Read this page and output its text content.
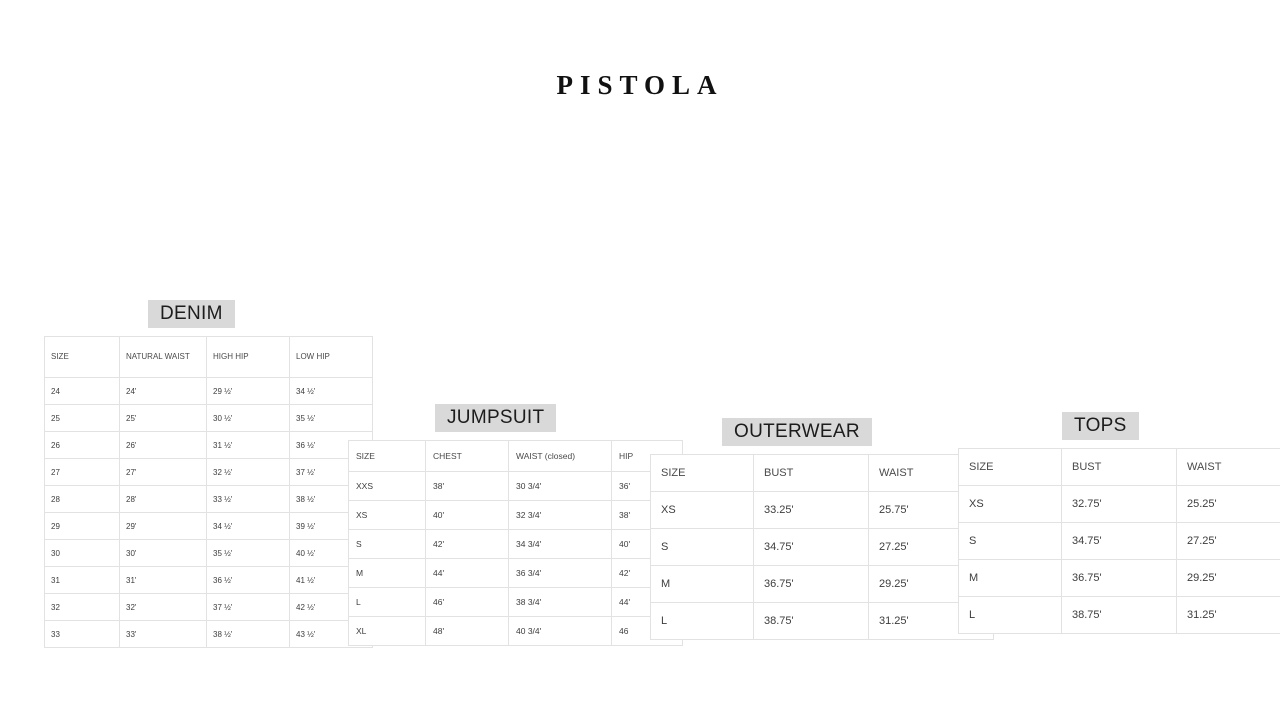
PISTOLA
DENIM
SIZE	NATURAL WAIST	HIGH HIP	LOW HIP
24	24'	29 ½'	34 ½'
25	25'	30 ½'	35 ½'
26	26'	31 ½'	36 ½'
27	27'	32 ½'	37 ½'
28	28'	33 ½'	38 ½'
29	29'	34 ½'	39 ½'
30	30'	35 ½'	40 ½'
31	31'	36 ½'	41 ½'
32	32'	37 ½'	42 ½'
33	33'	38 ½'	43 ½'
JUMPSUIT
SIZE	CHEST	WAIST (closed)	HIP
XXS	38'	30 3/4'	36'
XS	40'	32 3/4'	38'
S	42'	34 3/4'	40'
M	44'	36 3/4'	42'
L	46'	38 3/4'	44'
XL	48'	40 3/4'	46
OUTERWEAR
SIZE	BUST	WAIST
XS	33.25'	25.75'
S	34.75'	27.25'
M	36.75'	29.25'
L	38.75'	31.25'
TOPS
SIZE	BUST	WAIST
XS	32.75'	25.25'
S	34.75'	27.25'
M	36.75'	29.25'
L	38.75'	31.25'
